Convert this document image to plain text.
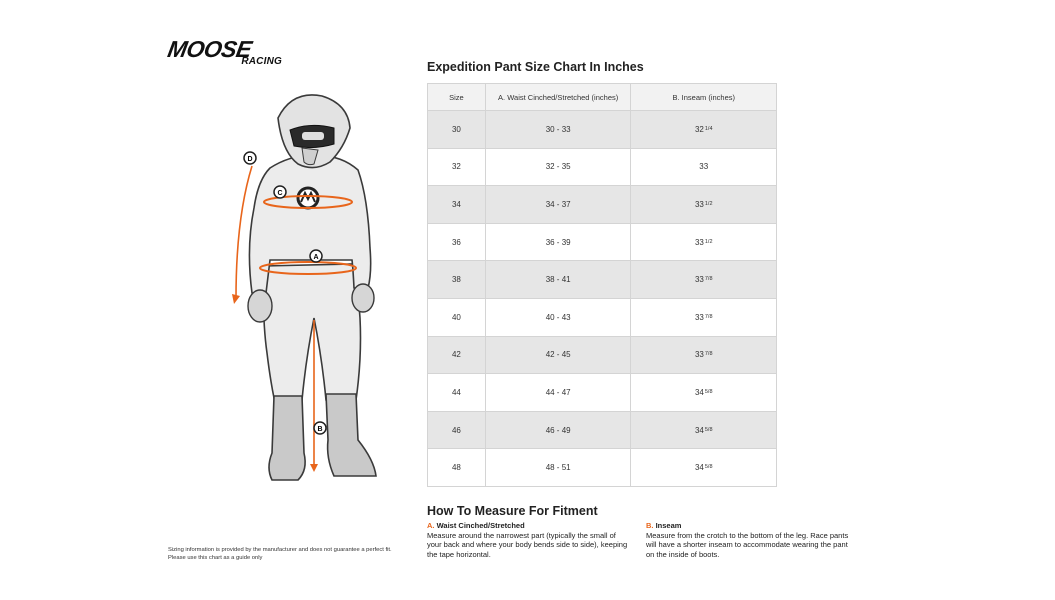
MOOSE
RACING
A
B
C
D
Expedition Pant Size Chart In Inches
Size	A. Waist Cinched/Stretched (inches)	B. Inseam (inches)
30	30 - 33	$32^{1/4}$
32	32 - 35	33
34	34 - 37	$33^{1/2}$
36	36 - 39	$33^{1/2}$
38	38 - 41	$33^{7/8}$
40	40 - 43	$33^{7/8}$
42	42 - 45	$33^{7/8}$
44	44 - 47	$34^{5/8}$
46	46 - 49	$34^{5/8}$
48	48 - 51	$34^{5/8}$
How To Measure For Fitment
A. Waist Cinched/Stretched
Measure around the narrowest part (typically the small of your back and where your body bends side to side), keeping the tape horizontal.
B. Inseam
Measure from the crotch to the bottom of the leg. Race pants will have a shorter inseam to accommodate wearing the pant on the inside of boots.
Sizing information is provided by the manufacturer and does not guarantee a perfect fit.
Please use this chart as a guide only
